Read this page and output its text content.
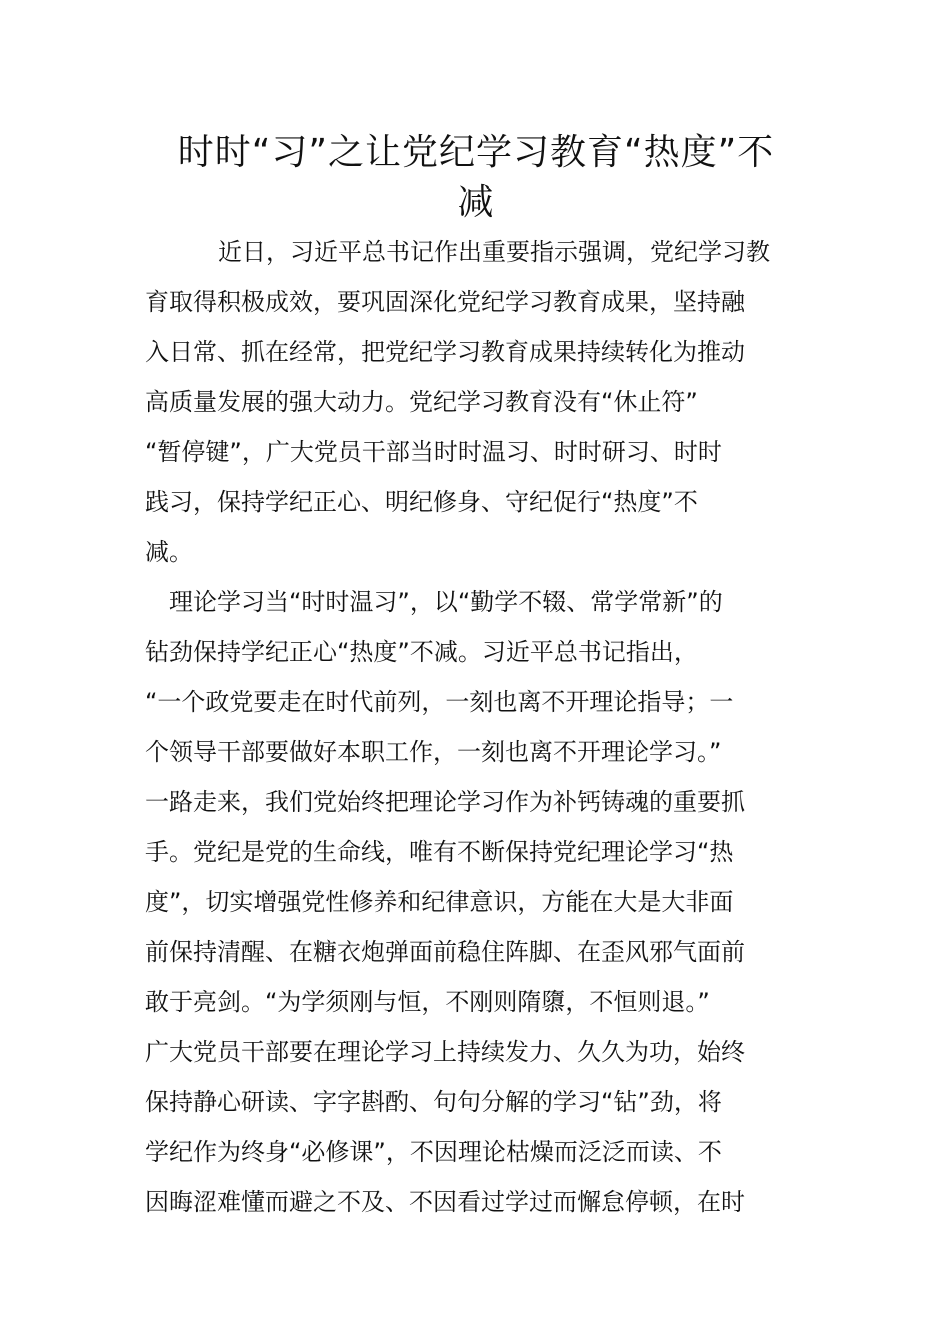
时时“习”之让党纪学习教育“热度”不
减
近日，习近平总书记作出重要指示强调，党纪学习教
育取得积极成效，要巩固深化党纪学习教育成果，坚持融
入日常、抓在经常，把党纪学习教育成果持续转化为推动
高质量发展的强大动力。党纪学习教育没有“休止符”
“暂停键”，广大党员干部当时时温习、时时研习、时时
践习，保持学纪正心、明纪修身、守纪促行“热度”不
减。
理论学习当“时时温习”，以“勤学不辍、常学常新”的
钻劲保持学纪正心“热度”不减。习近平总书记指出，
“一个政党要走在时代前列，一刻也离不开理论指导；一
个领导干部要做好本职工作，一刻也离不开理论学习。”
一路走来，我们党始终把理论学习作为补钙铸魂的重要抓
手。党纪是党的生命线，唯有不断保持党纪理论学习“热
度”，切实增强党性修养和纪律意识，方能在大是大非面
前保持清醒、在糖衣炮弹面前稳住阵脚、在歪风邪气面前
敢于亮剑。“为学须刚与恒，不刚则隋隳，不恒则退。”
广大党员干部要在理论学习上持续发力、久久为功，始终
保持静心研读、字字斟酌、句句分解的学习“钻”劲，将
学纪作为终身“必修课”，不因理论枯燥而泛泛而读、不
因晦涩难懂而避之不及、不因看过学过而懈怠停顿，在时
